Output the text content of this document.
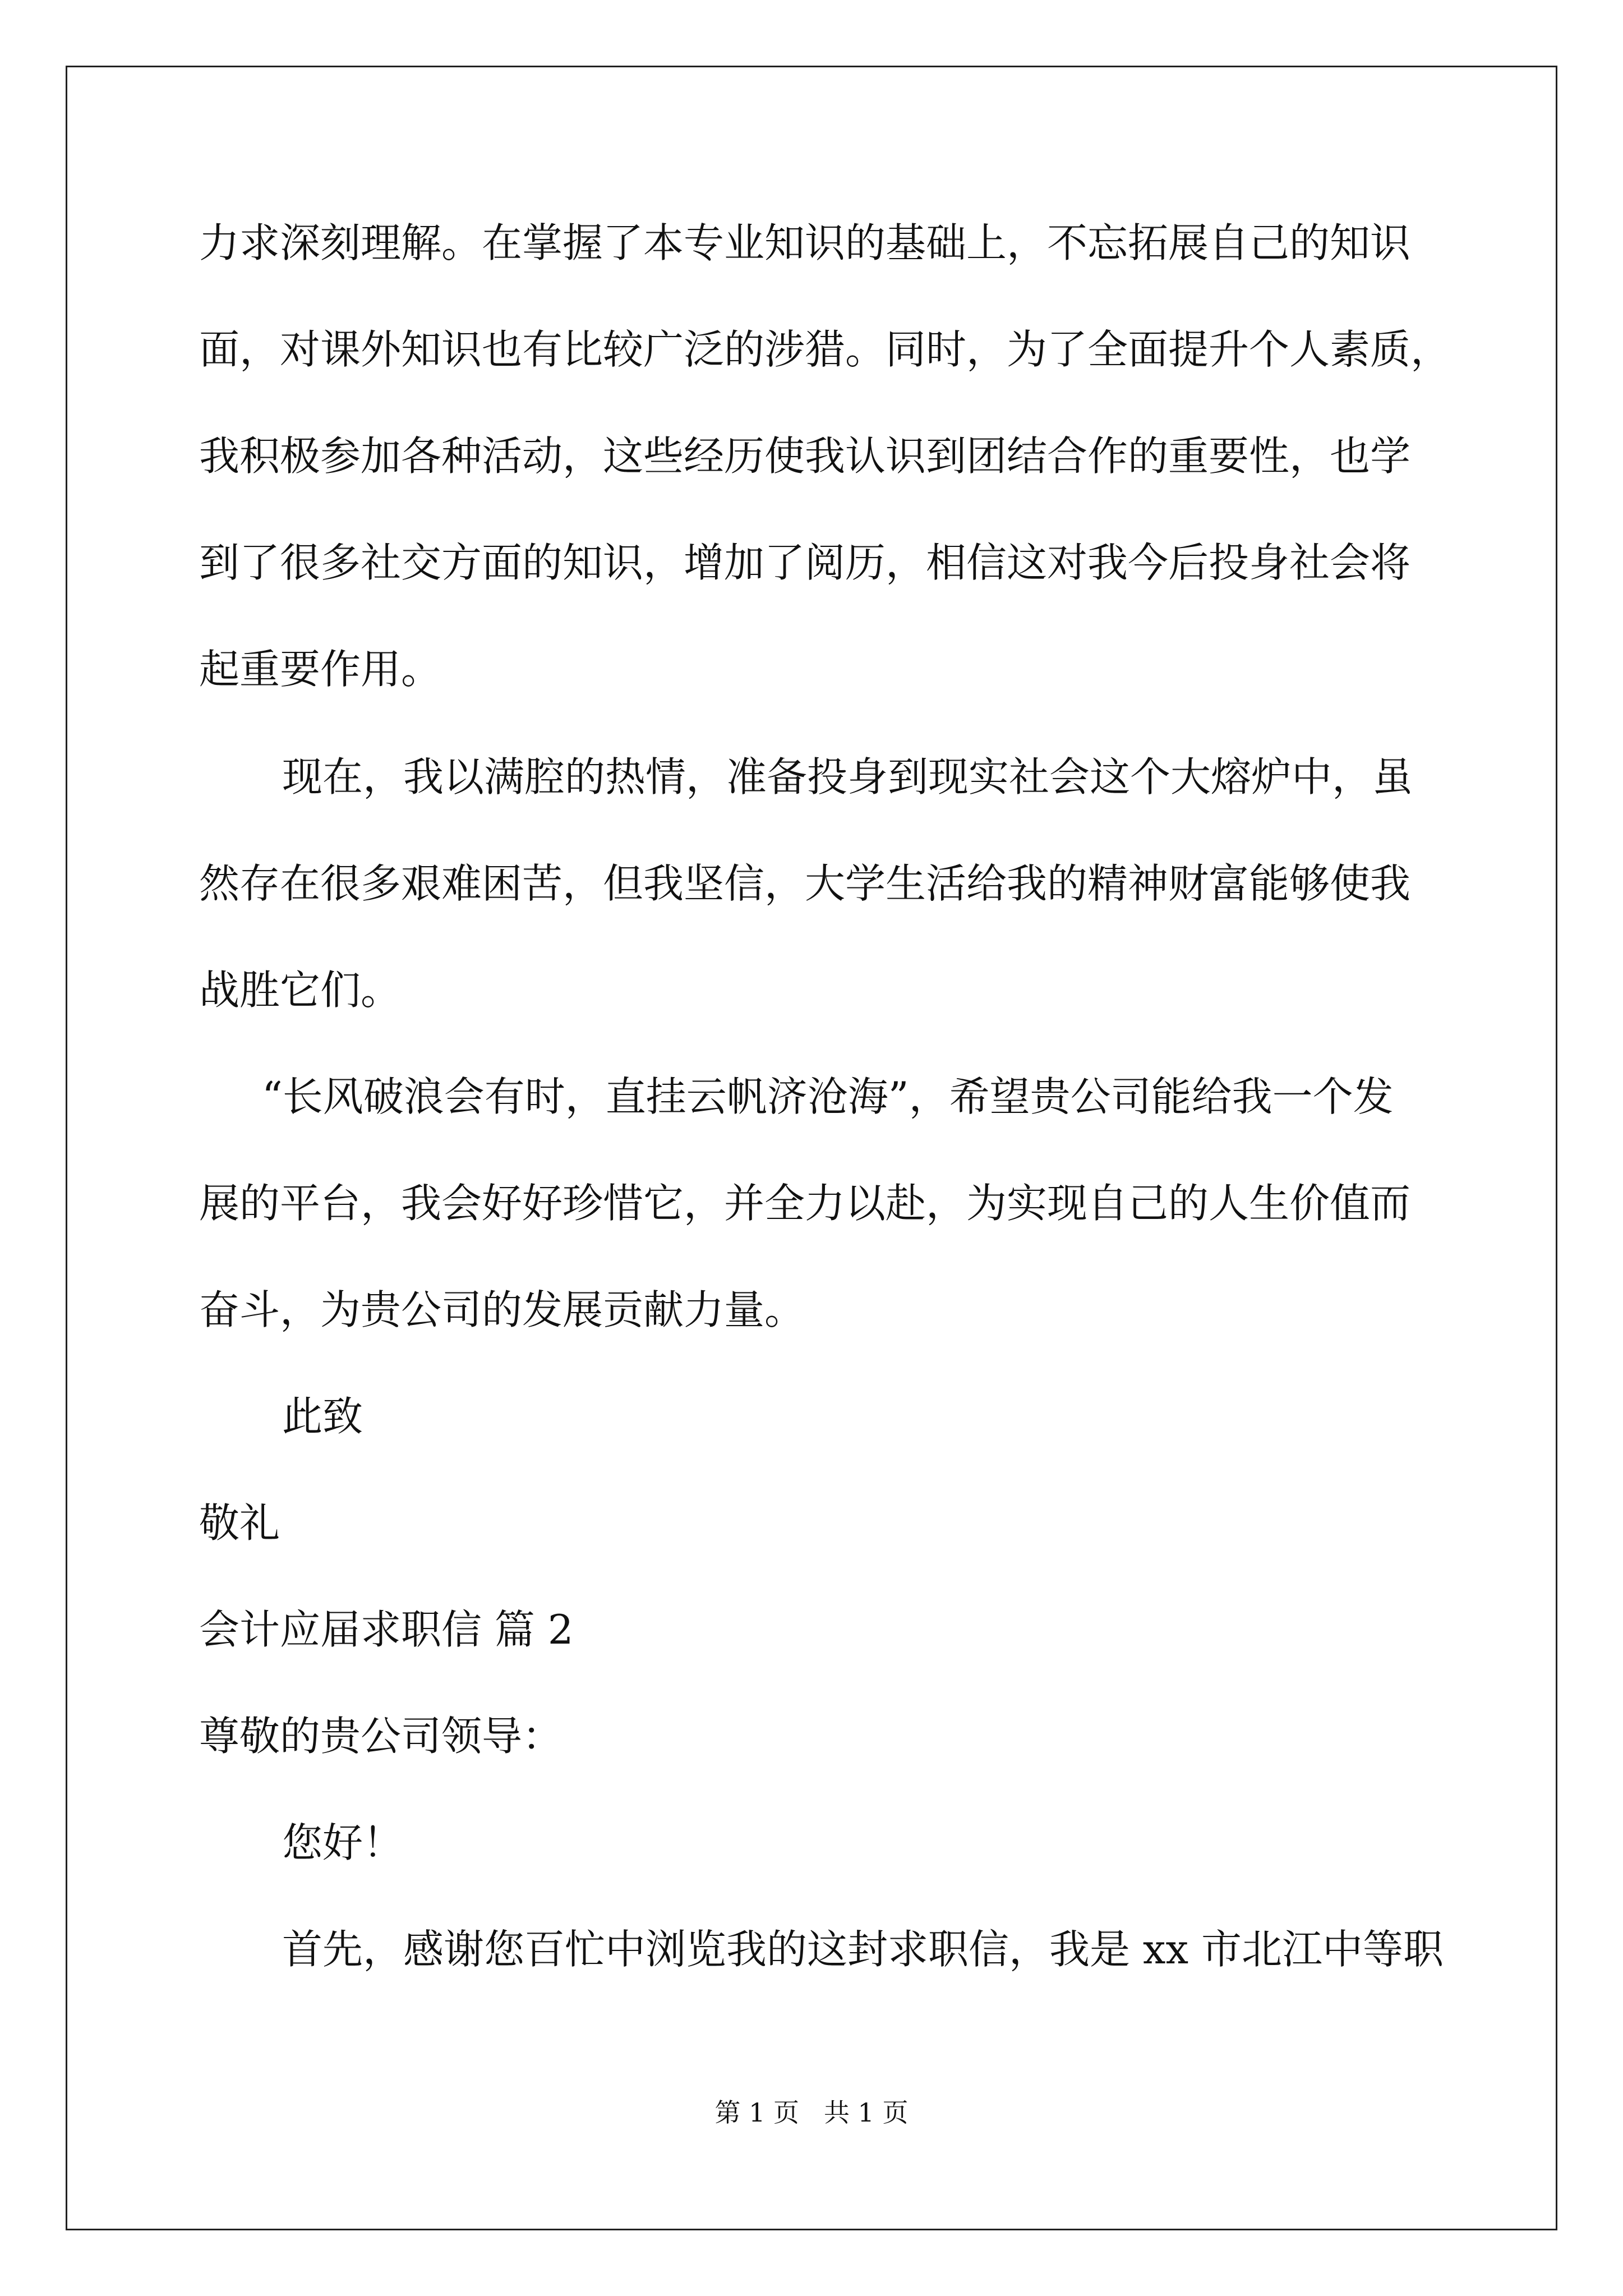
力求深刻理解。在掌握了本专业知识的基础上，不忘拓展自己的知识
面，对课外知识也有比较广泛的涉猎。同时，为了全面提升个人素质，
我积极参加各种活动，这些经历使我认识到团结合作的重要性，也学
到了很多社交方面的知识，增加了阅历，相信这对我今后投身社会将
起重要作用。
现在，我以满腔的热情，准备投身到现实社会这个大熔炉中，虽
然存在很多艰难困苦，但我坚信，大学生活给我的精神财富能够使我
战胜它们。
“长风破浪会有时，直挂云帆济沧海”，希望贵公司能给我一个发
展的平台，我会好好珍惜它，并全力以赴，为实现自己的人生价值而
奋斗，为贵公司的发展贡献力量。
此致
敬礼
会计应届求职信 篇 2
尊敬的贵公司领导：
您好！
首先，感谢您百忙中浏览我的这封求职信，我是 xx 市北江中等职
第 1 页 共 1 页
